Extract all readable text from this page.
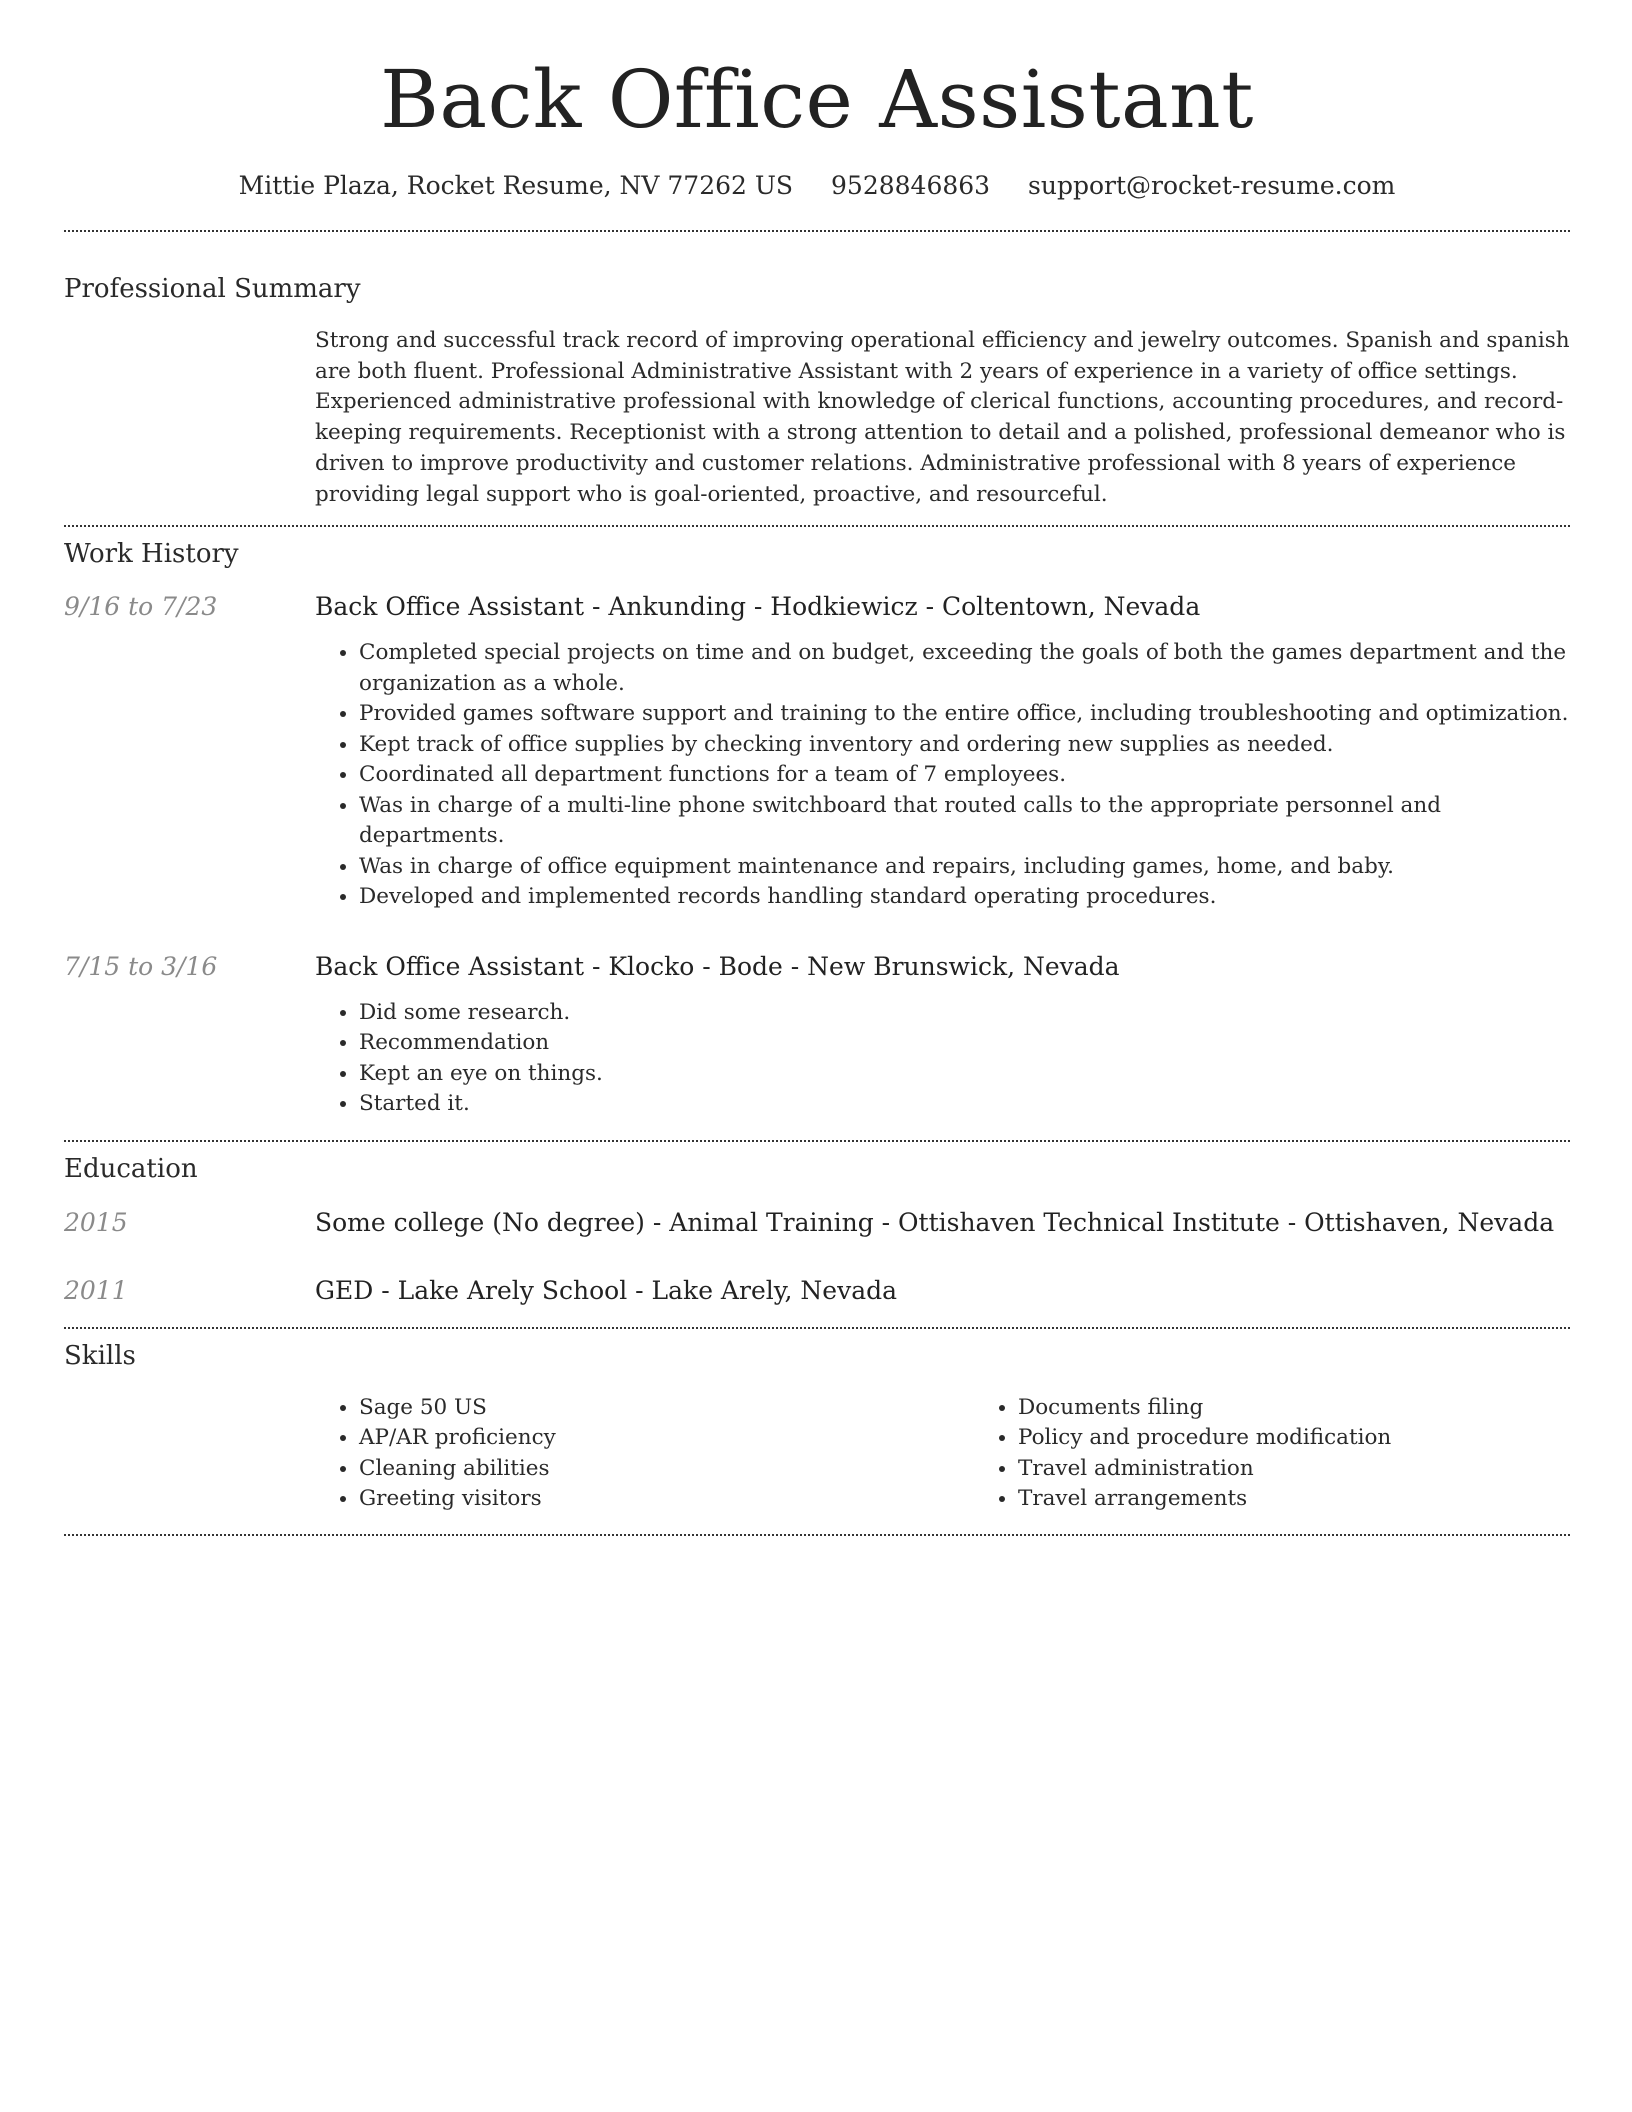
Back Office Assistant
Mittie Plaza, Rocket Resume, NV 77262 US 9528846863 support@rocket-resume.com
Professional Summary

Strong and successful track record of improving operational efficiency and jewelry outcomes. Spanish and spanish are both fluent. Professional Administrative Assistant with 2 years of experience in a variety of office settings. Experienced administrative professional with knowledge of clerical functions, accounting procedures, and record-keeping requirements. Receptionist with a strong attention to detail and a polished, professional demeanor who is driven to improve productivity and customer relations. Administrative professional with 8 years of experience providing legal support who is goal-oriented, proactive, and resourceful.

Work History
9/16 to 7/23	Back Office Assistant - Ankunding - Hodkiewicz - Coltentown, Nevada
• Completed special projects on time and on budget, exceeding the goals of both the games department and the organization as a whole.
• Provided games software support and training to the entire office, including troubleshooting and optimization.
• Kept track of office supplies by checking inventory and ordering new supplies as needed.
• Coordinated all department functions for a team of 7 employees.
• Was in charge of a multi-line phone switchboard that routed calls to the appropriate personnel and departments.
• Was in charge of office equipment maintenance and repairs, including games, home, and baby.
• Developed and implemented records handling standard operating procedures.
7/15 to 3/16	Back Office Assistant - Klocko - Bode - New Brunswick, Nevada
• Did some research.
• Recommendation
• Kept an eye on things.
• Started it.
Education
2015	Some college (No degree) - Animal Training - Ottishaven Technical Institute - Ottishaven, Nevada
2011	GED - Lake Arely School - Lake Arely, Nevada
Skills
• Sage 50 US
• AP/AR proficiency
• Cleaning abilities
• Greeting visitors
• Documents filing
• Policy and procedure modification
• Travel administration
• Travel arrangements
